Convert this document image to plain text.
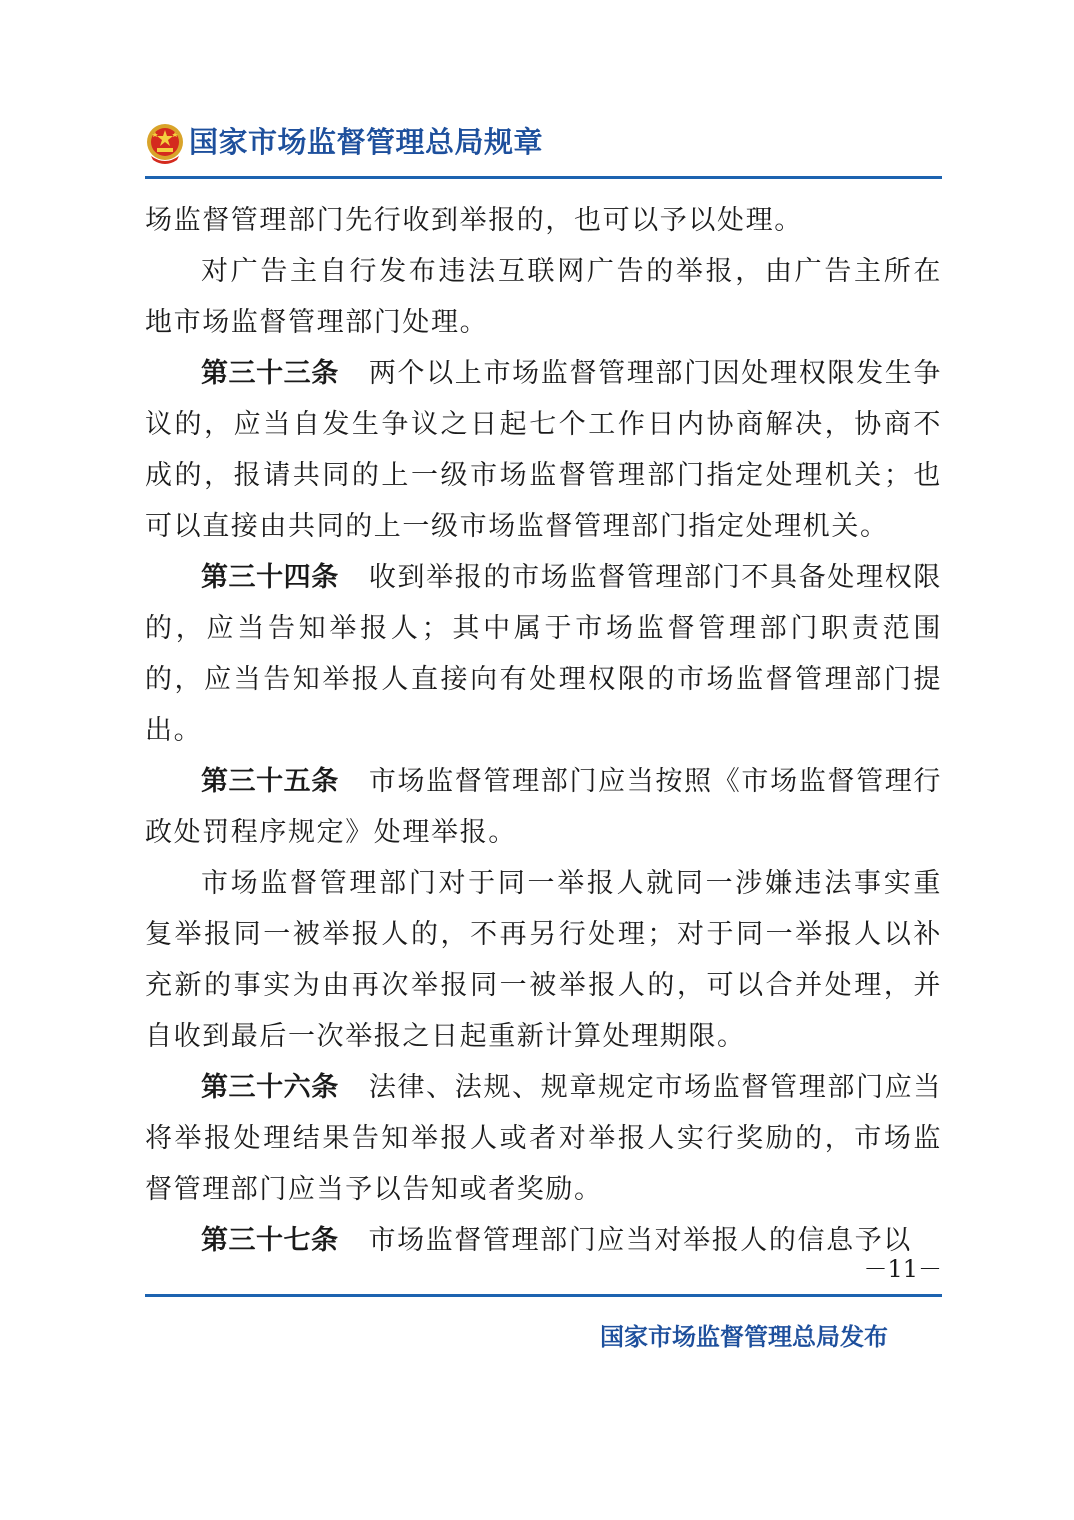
国家市场监督管理总局规章

场监督管理部门先行收到举报的，也可以予以处理。

对广告主自行发布违法互联网广告的举报，由广告主所在地市场监督管理部门处理。

第三十三条 两个以上市场监督管理部门因处理权限发生争议的，应当自发生争议之日起七个工作日内协商解决，协商不成的，报请共同的上一级市场监督管理部门指定处理机关；也可以直接由共同的上一级市场监督管理部门指定处理机关。

第三十四条 收到举报的市场监督管理部门不具备处理权限的，应当告知举报人；其中属于市场监督管理部门职责范围的，应当告知举报人直接向有处理权限的市场监督管理部门提出。

第三十五条 市场监督管理部门应当按照《市场监督管理行政处罚程序规定》处理举报。

市场监督管理部门对于同一举报人就同一涉嫌违法事实重复举报同一被举报人的，不再另行处理；对于同一举报人以补充新的事实为由再次举报同一被举报人的，可以合并处理，并自收到最后一次举报之日起重新计算处理期限。

第三十六条 法律、法规、规章规定市场监督管理部门应当将举报处理结果告知举报人或者对举报人实行奖励的，市场监督管理部门应当予以告知或者奖励。

第三十七条 市场监督管理部门应当对举报人的信息予以

－11－
国家市场监督管理总局发布
